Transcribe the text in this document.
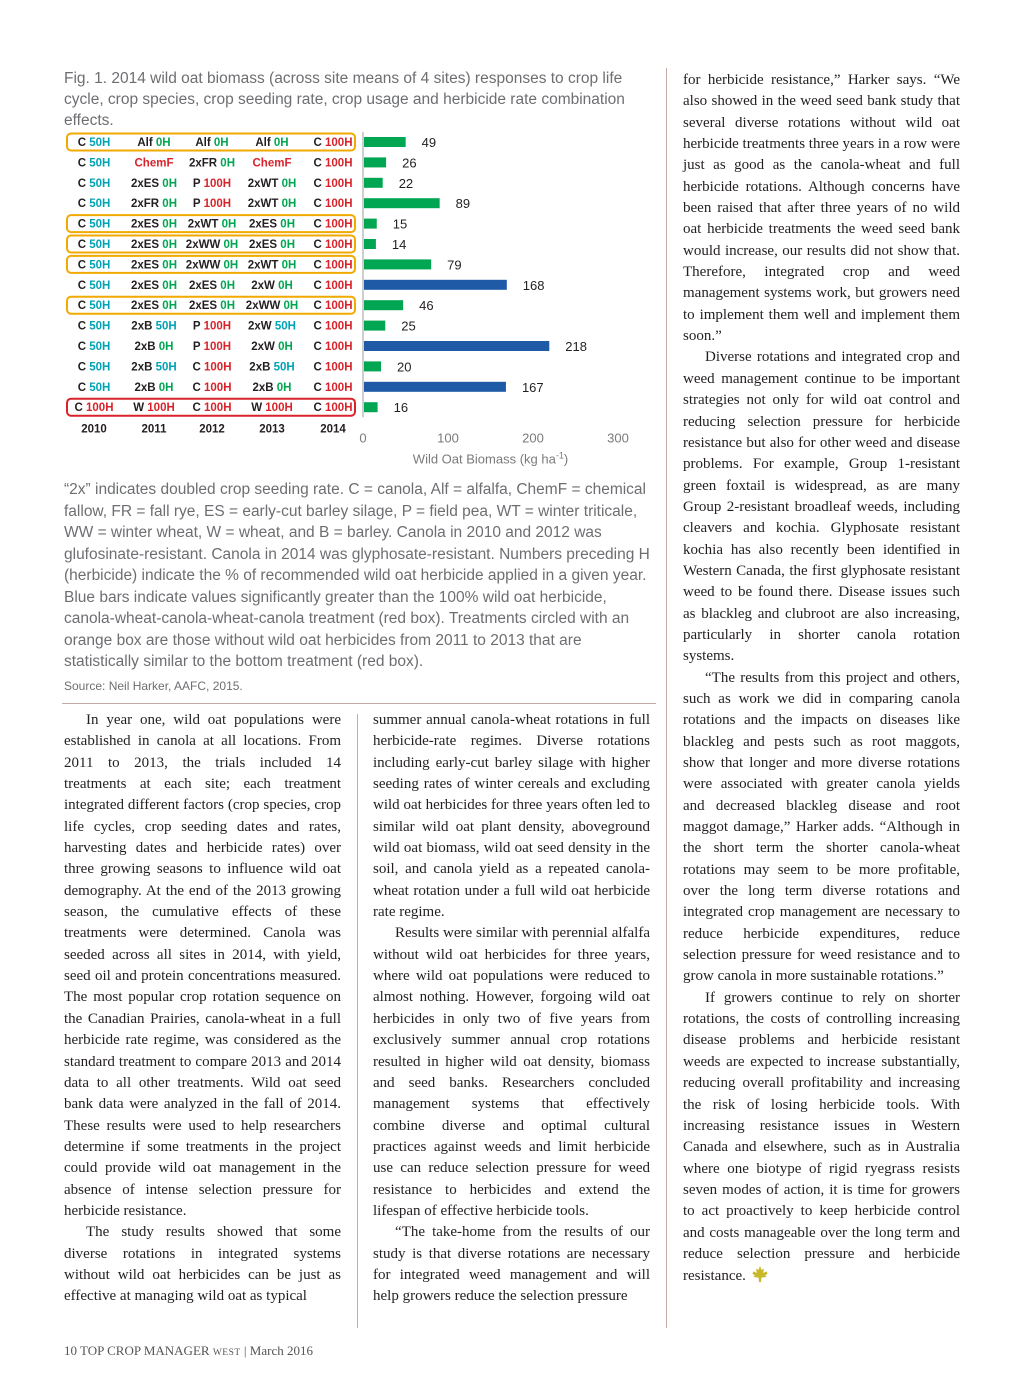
Fig. 1. 2014 wild oat biomass (across site means of 4 sites) responses to crop life cycle, crop species, crop seeding rate, crop usage and herbicide rate combination effects.
C 50H Alf 0H Alf 0H Alf 0H C 100H	49
C 50H ChemF 2xFR 0H ChemF C 100H	26
C 50H 2xES 0H P 100H 2xWT 0H C 100H	22
C 50H 2xFR 0H P 100H 2xWT 0H C 100H	89
C 50H 2xES 0H 2xWT 0H 2xES 0H C 100H	15
C 50H 2xES 0H 2xWW 0H 2xES 0H C 100H	14
C 50H 2xES 0H 2xWW 0H 2xWT 0H C 100H	79
C 50H 2xES 0H 2xES 0H 2xW 0H C 100H	168
C 50H 2xES 0H 2xES 0H 2xWW 0H C 100H	46
C 50H 2xB 50H P 100H 2xW 50H C 100H	25
C 50H 2xB 0H P 100H 2xW 0H C 100H	218
C 50H 2xB 50H C 100H 2xB 50H C 100H	20
C 50H 2xB 0H C 100H 2xB 0H C 100H	167
C 100H W 100H C 100H W 100H C 100H	16
2010	2011	2012	2013	2014
0	100	200	300
Wild Oat Biomass (kg $ha^{-1}$)

“2x” indicates doubled crop seeding rate. C = canola, Alf = alfalfa, ChemF = chemical fallow, FR = fall rye, ES = early-cut barley silage, P = field pea, WT = winter triticale, WW = winter wheat, W = wheat, and B = barley. Canola in 2010 and 2012 was glufosinate-resistant. Canola in 2014 was glyphosate-resistant. Numbers preceding H (herbicide) indicate the % of recommended wild oat herbicide applied in a given year. Blue bars indicate values significantly greater than the 100% wild oat herbicide, canola-wheat-canola-wheat-canola treatment (red box). Treatments circled with an orange box are those without wild oat herbicides from 2011 to 2013 that are statistically similar to the bottom treatment (red box).

Source: Neil Harker, AAFC, 2015.

In year one, wild oat populations were established in canola at all locations. From 2011 to 2013, the trials included 14 treatments at each site; each treatment integrated different factors (crop species, crop life cycles, crop seeding dates and rates, harvesting dates and herbicide rates) over three growing seasons to influence wild oat demography. At the end of the 2013 growing season, the cumulative effects of these treatments were determined. Canola was seeded across all sites in 2014, with yield, seed oil and protein concentrations measured. The most popular crop rotation sequence on the Canadian Prairies, canola-wheat in a full herbicide rate regime, was considered as the standard treatment to compare 2013 and 2014 data to all other treatments. Wild oat seed bank data were analyzed in the fall of 2014. These results were used to help researchers determine if some treatments in the project could provide wild oat management in the absence of intense selection pressure for herbicide resistance.

The study results showed that some diverse rotations in integrated systems without wild oat herbicides can be just as effective at managing wild oat as typical

summer annual canola-wheat rotations in full herbicide-rate regimes. Diverse rotations including early-cut barley silage with higher seeding rates of winter cereals and excluding wild oat herbicides for three years often led to similar wild oat plant density, aboveground wild oat biomass, wild oat seed density in the soil, and canola yield as a repeated canola-wheat rotation under a full wild oat herbicide rate regime.

Results were similar with perennial alfalfa without wild oat herbicides for three years, where wild oat populations were reduced to almost nothing. However, forgoing wild oat herbicides in only two of five years from exclusively summer annual crop rotations resulted in higher wild oat density, biomass and seed banks. Researchers concluded management systems that effectively combine diverse and optimal cultural practices against weeds and limit herbicide use can reduce selection pressure for weed resistance to herbicides and extend the lifespan of effective herbicide tools.

“The take-home from the results of our study is that diverse rotations are necessary for integrated weed management and will help growers reduce the selection pressure

for herbicide resistance,” Harker says. “We also showed in the weed seed bank study that several diverse rotations without wild oat herbicide treatments three years in a row were just as good as the canola-wheat and full herbicide rotations. Although concerns have been raised that after three years of no wild oat herbicide treatments the weed seed bank would increase, our results did not show that. Therefore, integrated crop and weed management systems work, but growers need to implement them well and implement them soon.”

Diverse rotations and integrated crop and weed management continue to be important strategies not only for wild oat control and reducing selection pressure for herbicide resistance but also for other weed and disease problems. For example, Group 1-resistant green foxtail is widespread, as are many Group 2-resistant broadleaf weeds, including cleavers and kochia. Glyphosate resistant kochia has also recently been identified in Western Canada, the first glyphosate resistant weed to be found there. Disease issues such as blackleg and clubroot are also increasing, particularly in shorter canola rotation systems.

“The results from this project and others, such as work we did in comparing canola rotations and the impacts on diseases like blackleg and pests such as root maggots, show that longer and more diverse rotations were associated with greater canola yields and decreased blackleg disease and root maggot damage,” Harker adds. “Although in the short term the shorter canola-wheat rotations may seem to be more profitable, over the long term diverse rotations and integrated crop management are necessary to reduce herbicide expenditures, reduce selection pressure for weed resistance and to grow canola in more sustainable rotations.”

If growers continue to rely on shorter rotations, the costs of controlling increasing disease problems and herbicide resistant weeds are expected to increase substantially, reducing overall profitability and increasing the risk of losing herbicide tools. With increasing resistance issues in Western Canada and elsewhere, such as in Australia where one biotype of rigid ryegrass resists seven modes of action, it is time for growers to act proactively to keep herbicide control and costs manageable over the long term and reduce selection pressure and herbicide resistance.

10 TOP CROP MANAGER WEST | March 2016
